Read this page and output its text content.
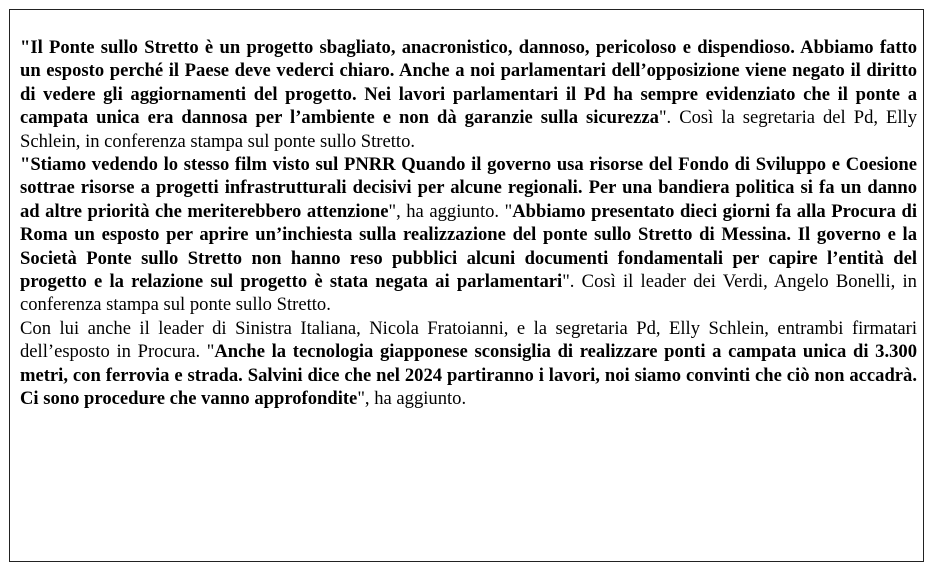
"Il Ponte sullo Stretto è un progetto sbagliato, anacronistico, dannoso, pericoloso e dispendioso. Abbiamo fatto un esposto perché il Paese deve vederci chiaro. Anche a noi parlamentari dell’opposizione viene negato il diritto di vedere gli aggiornamenti del progetto. Nei lavori parlamentari il Pd ha sempre evidenziato che il ponte a campata unica era dannosa per l’ambiente e non dà garanzie sulla sicurezza". Così la segretaria del Pd, Elly Schlein, in conferenza stampa sul ponte sullo Stretto.

"Stiamo vedendo lo stesso film visto sul PNRR Quando il governo usa risorse del Fondo di Sviluppo e Coesione sottrae risorse a progetti infrastrutturali decisivi per alcune regionali. Per una bandiera politica si fa un danno ad altre priorità che meriterebbero attenzione", ha aggiunto. "Abbiamo presentato dieci giorni fa alla Procura di Roma un esposto per aprire un’inchiesta sulla realizzazione del ponte sullo Stretto di Messina. Il governo e la Società Ponte sullo Stretto non hanno reso pubblici alcuni documenti fondamentali per capire l’entità del progetto e la relazione sul progetto è stata negata ai parlamentari". Così il leader dei Verdi, Angelo Bonelli, in conferenza stampa sul ponte sullo Stretto.

Con lui anche il leader di Sinistra Italiana, Nicola Fratoianni, e la segretaria Pd, Elly Schlein, entrambi firmatari dell’esposto in Procura. "Anche la tecnologia giapponese sconsiglia di realizzare ponti a campata unica di 3.300 metri, con ferrovia e strada. Salvini dice che nel 2024 partiranno i lavori, noi siamo convinti che ciò non accadrà. Ci sono procedure che vanno approfondite", ha aggiunto.
